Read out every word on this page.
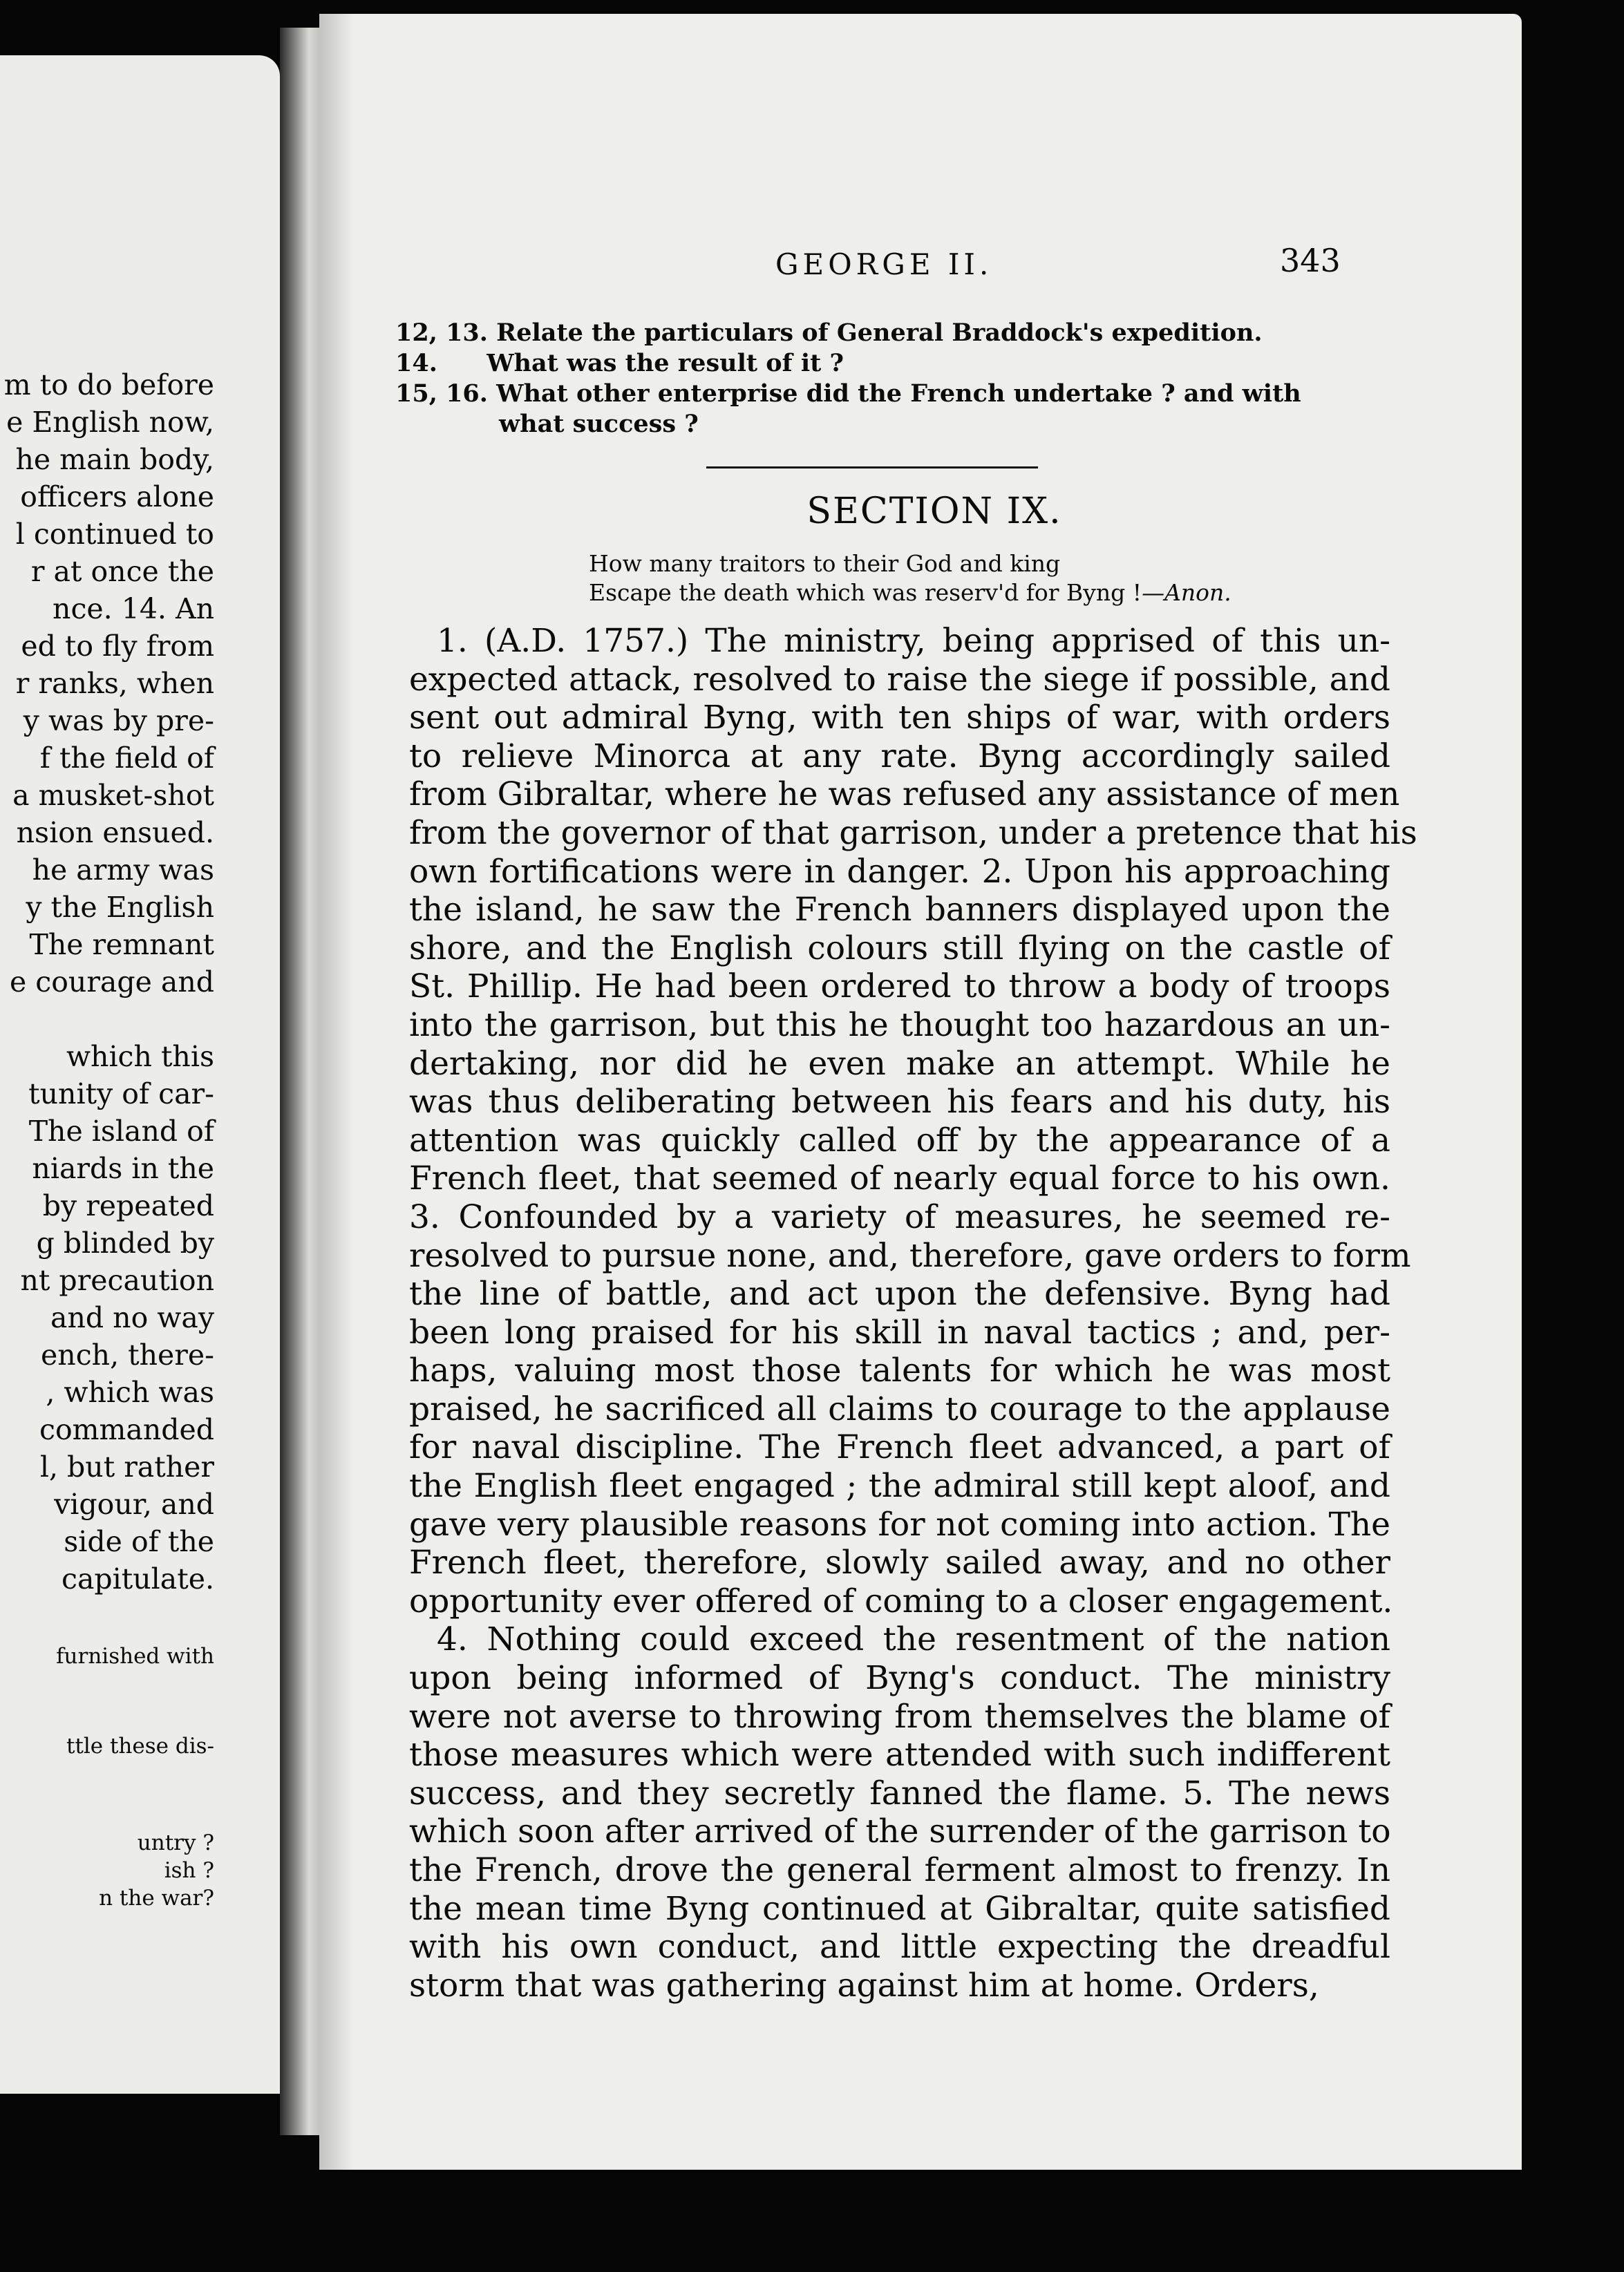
m to do before
e English now,
he main body,
officers alone
l continued to
r at once the
nce. 14. An
ed to fly from
r ranks, when
y was by pre-
f the field of
a musket-shot
nsion ensued.
he army was
y the English
The remnant
e courage and
which this
tunity of car-
The island of
niards in the
by repeated
g blinded by
nt precaution
and no way
ench, there-
, which was
commanded
l, but rather
vigour, and
side of the
capitulate.
furnished with
ttle these dis-
untry ?
ish ?
n the war?
GEORGE II.	343
12, 13. Relate the particulars of General Braddock's expedition.
14. What was the result of it ?
15, 16. What other enterprise did the French undertake ? and with
what success ?
SECTION IX.
How many traitors to their God and king
Escape the death which was reserv'd for Byng !—Anon.
1. (A.D. 1757.) The ministry, being apprised of this un-
expected attack, resolved to raise the siege if possible, and
sent out admiral Byng, with ten ships of war, with orders
to relieve Minorca at any rate. Byng accordingly sailed
from Gibraltar, where he was refused any assistance of men
from the governor of that garrison, under a pretence that his
own fortifications were in danger. 2. Upon his approaching
the island, he saw the French banners displayed upon the
shore, and the English colours still flying on the castle of
St. Phillip. He had been ordered to throw a body of troops
into the garrison, but this he thought too hazardous an un-
dertaking, nor did he even make an attempt. While he
was thus deliberating between his fears and his duty, his
attention was quickly called off by the appearance of a
French fleet, that seemed of nearly equal force to his own.
3. Confounded by a variety of measures, he seemed re-
resolved to pursue none, and, therefore, gave orders to form
the line of battle, and act upon the defensive. Byng had
been long praised for his skill in naval tactics ; and, per-
haps, valuing most those talents for which he was most
praised, he sacrificed all claims to courage to the applause
for naval discipline. The French fleet advanced, a part of
the English fleet engaged ; the admiral still kept aloof, and
gave very plausible reasons for not coming into action. The
French fleet, therefore, slowly sailed away, and no other
opportunity ever offered of coming to a closer engagement.
4. Nothing could exceed the resentment of the nation
upon being informed of Byng's conduct. The ministry
were not averse to throwing from themselves the blame of
those measures which were attended with such indifferent
success, and they secretly fanned the flame. 5. The news
which soon after arrived of the surrender of the garrison to
the French, drove the general ferment almost to frenzy. In
the mean time Byng continued at Gibraltar, quite satisfied
with his own conduct, and little expecting the dreadful
storm that was gathering against him at home. Orders,
